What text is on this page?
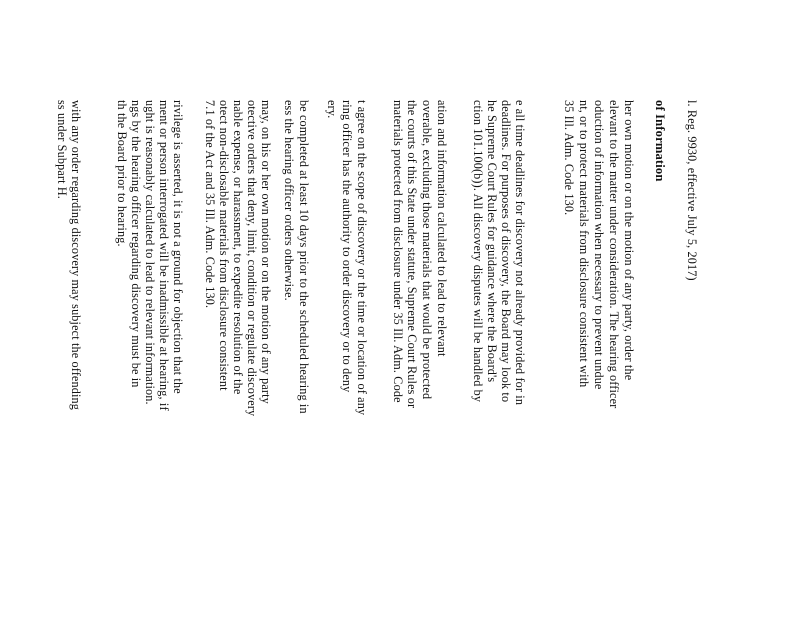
l. Reg. 9930, effective July 5, 2017)
of Information
her own motion or on the motion of any party, order the
elevant to the matter under consideration. The hearing officer
oduction of information when necessary to prevent undue
nt, or to protect materials from disclosure consistent with
35 Ill. Adm. Code 130.
e all time deadlines for discovery not already provided for in
deadlines. For purposes of discovery, the Board may look to
he Supreme Court Rules for guidance where the Board's
ction 101.100(b)). All discovery disputes will be handled by
ation and information calculated to lead to relevant
overable, excluding those materials that would be protected
the courts of this State under statute, Supreme Court Rules or
materials protected from disclosure under 35 Ill. Adm. Code
t agree on the scope of discovery or the time or location of any
ring officer has the authority to order discovery or to deny
ery.
be completed at least 10 days prior to the scheduled hearing in
ess the hearing officer orders otherwise.
may, on his or her own motion or on the motion of any party
otective orders that deny, limit, condition or regulate discovery
nable expense, or harassment, to expedite resolution of the
otect non-disclosable materials from disclosure consistent
7.1 of the Act and 35 Ill. Adm. Code 130.
rivilege is asserted, it is not a ground for objection that the
ment or person interrogated will be inadmissible at hearing, if
ught is reasonably calculated to lead to relevant information.
ngs by the hearing officer regarding discovery must be in
th the Board prior to hearing.
with any order regarding discovery may subject the offending
ss under Subpart H.
